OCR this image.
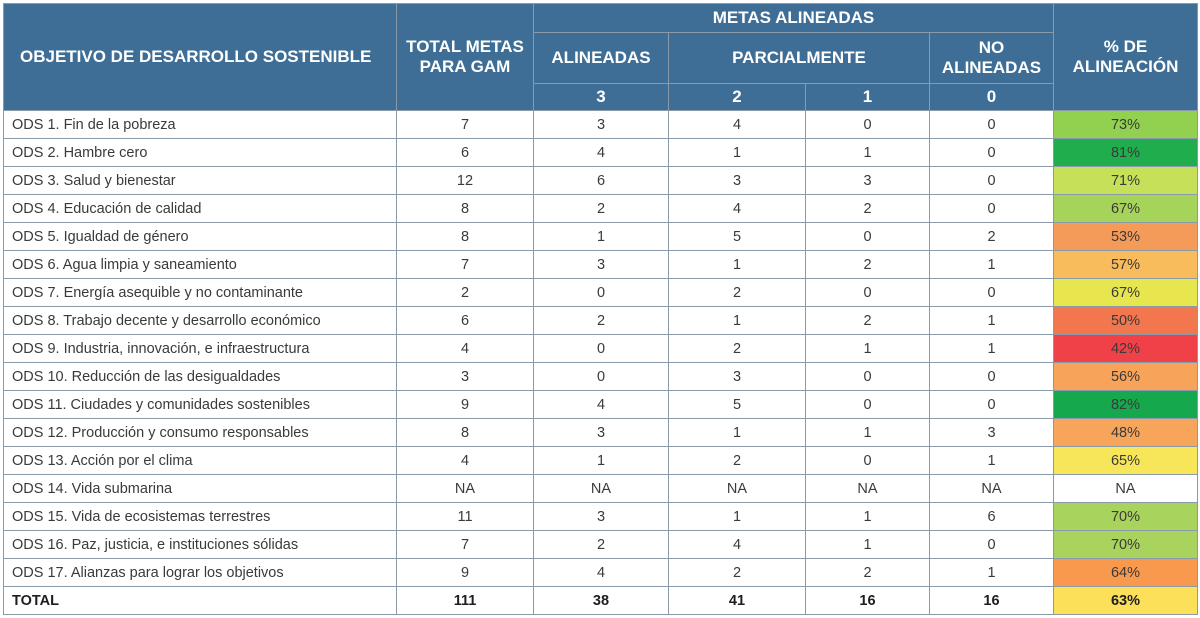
OBJETIVO DE DESARROLLO SOSTENIBLE	TOTAL METAS PARA GAM	METAS ALINEADAS				% DE ALINEACIÓN
		ALINEADAS	PARCIALMENTE		NO ALINEADAS	
		3	2	1	0	
ODS 1. Fin de la pobreza	7	3	4	0	0	73%
ODS 2. Hambre cero	6	4	1	1	0	81%
ODS 3. Salud y bienestar	12	6	3	3	0	71%
ODS 4. Educación de calidad	8	2	4	2	0	67%
ODS 5. Igualdad de género	8	1	5	0	2	53%
ODS 6. Agua limpia y saneamiento	7	3	1	2	1	57%
ODS 7. Energía asequible y no contaminante	2	0	2	0	0	67%
ODS 8. Trabajo decente y desarrollo económico	6	2	1	2	1	50%
ODS 9. Industria, innovación, e infraestructura	4	0	2	1	1	42%
ODS 10. Reducción de las desigualdades	3	0	3	0	0	56%
ODS 11. Ciudades y comunidades sostenibles	9	4	5	0	0	82%
ODS 12. Producción y consumo responsables	8	3	1	1	3	48%
ODS 13. Acción por el clima	4	1	2	0	1	65%
ODS 14. Vida submarina	NA	NA	NA	NA	NA	NA
ODS 15. Vida de ecosistemas terrestres	11	3	1	1	6	70%
ODS 16. Paz, justicia, e instituciones sólidas	7	2	4	1	0	70%
ODS 17. Alianzas para lograr los objetivos	9	4	2	2	1	64%
TOTAL	111	38	41	16	16	63%
